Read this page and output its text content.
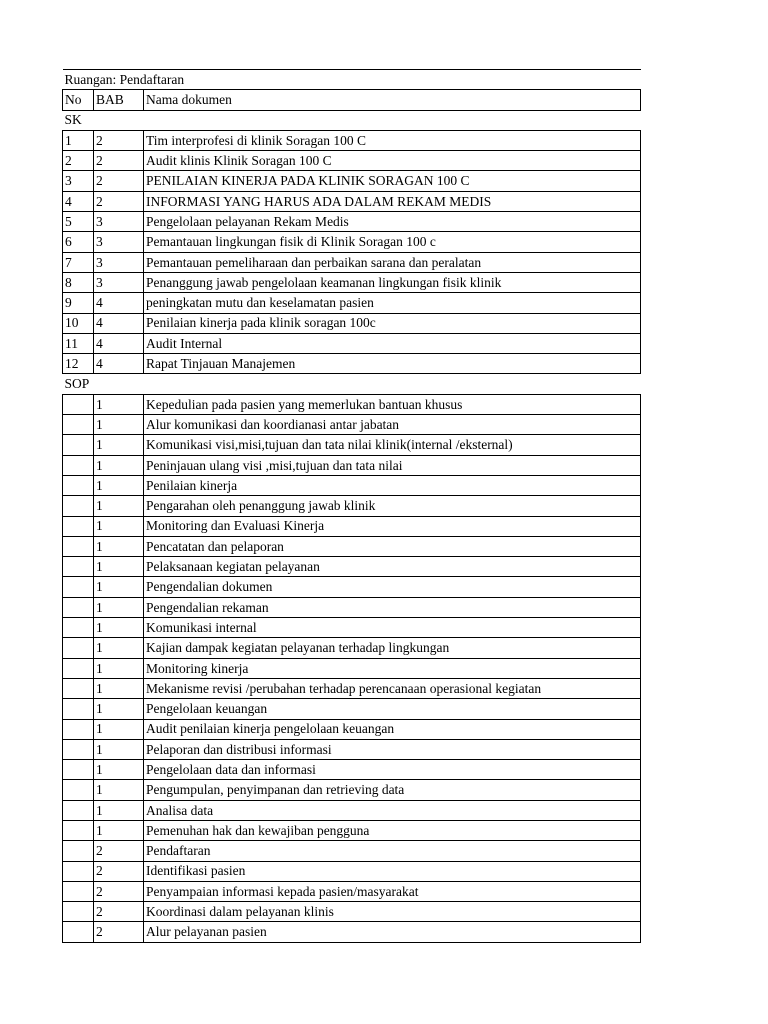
Ruangan: Pendaftaran		
No	BAB	Nama dokumen
SK		
1	2	Tim interprofesi di klinik Soragan 100 C
2	2	Audit klinis Klinik Soragan 100 C
3	2	PENILAIAN KINERJA PADA KLINIK SORAGAN 100 C
4	2	INFORMASI YANG HARUS ADA DALAM REKAM MEDIS
5	3	Pengelolaan pelayanan Rekam Medis
6	3	Pemantauan lingkungan fisik di Klinik Soragan 100 c
7	3	Pemantauan pemeliharaan dan perbaikan sarana dan peralatan
8	3	Penanggung jawab pengelolaan keamanan lingkungan fisik klinik
9	4	peningkatan mutu dan keselamatan pasien
10	4	Penilaian kinerja pada klinik soragan 100c
11	4	Audit Internal
12	4	Rapat Tinjauan Manajemen
SOP		
	1	Kepedulian pada pasien yang memerlukan bantuan khusus
	1	Alur komunikasi dan koordianasi antar jabatan
	1	Komunikasi visi,misi,tujuan dan tata nilai klinik(internal /eksternal)
	1	Peninjauan ulang visi ,misi,tujuan dan tata nilai
	1	Penilaian kinerja
	1	Pengarahan oleh penanggung jawab klinik
	1	Monitoring dan Evaluasi Kinerja
	1	Pencatatan dan pelaporan
	1	Pelaksanaan kegiatan pelayanan
	1	Pengendalian dokumen
	1	Pengendalian rekaman
	1	Komunikasi internal
	1	Kajian dampak kegiatan pelayanan terhadap lingkungan
	1	Monitoring kinerja
	1	Mekanisme revisi /perubahan terhadap perencanaan operasional kegiatan
	1	Pengelolaan keuangan
	1	Audit penilaian kinerja pengelolaan keuangan
	1	Pelaporan dan distribusi informasi
	1	Pengelolaan data dan informasi
	1	Pengumpulan, penyimpanan dan retrieving data
	1	Analisa data
	1	Pemenuhan hak dan kewajiban pengguna
	2	Pendaftaran
	2	Identifikasi pasien
	2	Penyampaian informasi kepada pasien/masyarakat
	2	Koordinasi dalam pelayanan klinis
	2	Alur pelayanan pasien
